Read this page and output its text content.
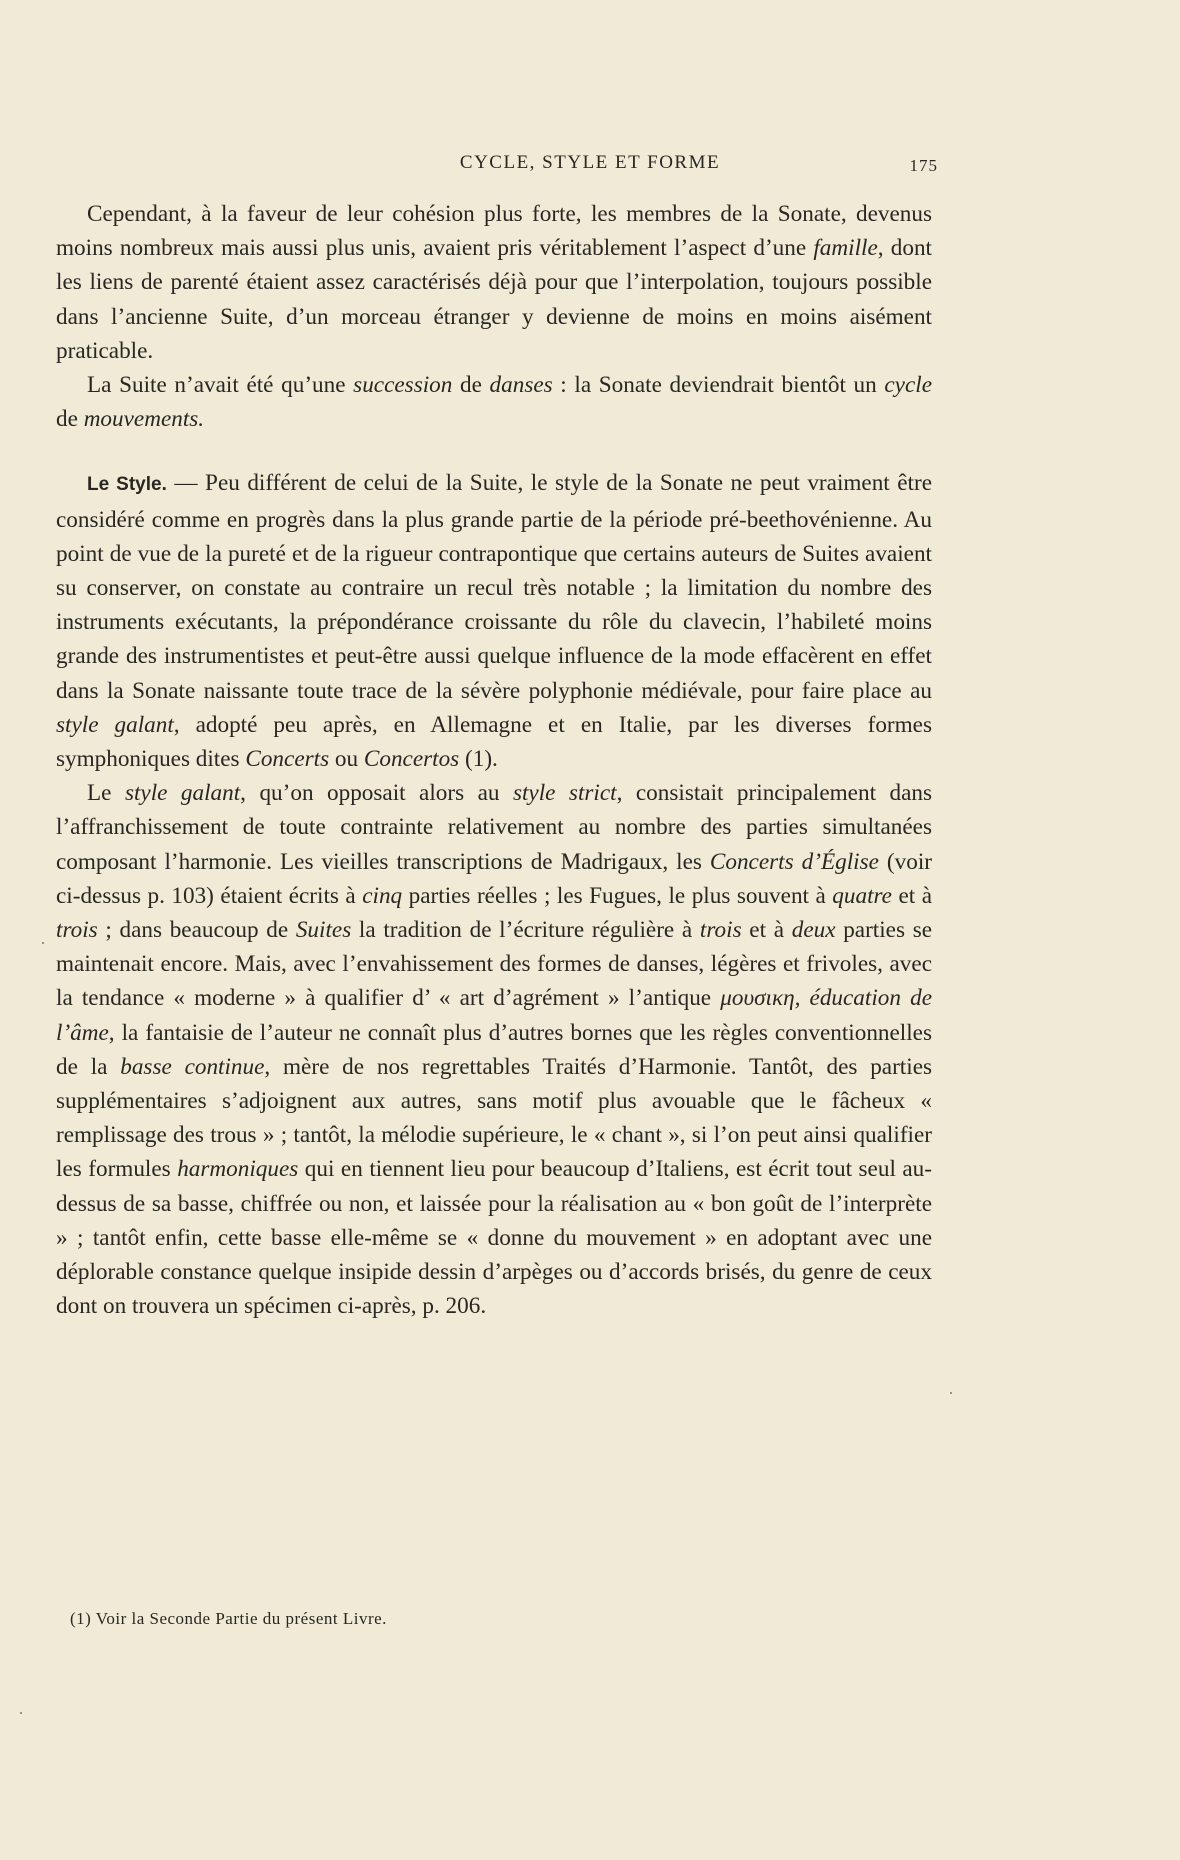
CYCLE, STYLE ET FORME	175

Cependant, à la faveur de leur cohésion plus forte, les membres de la Sonate, devenus moins nombreux mais aussi plus unis, avaient pris véritablement l’aspect d’une famille, dont les liens de parenté étaient assez caractérisés déjà pour que l’interpolation, toujours possible dans l’ancienne Suite, d’un morceau étranger y devienne de moins en moins aisément praticable.

La Suite n’avait été qu’une succession de danses : la Sonate deviendrait bientôt un cycle de mouvements.

Le Style. — Peu différent de celui de la Suite, le style de la Sonate ne peut vraiment être considéré comme en progrès dans la plus grande partie de la période pré-beethovénienne. Au point de vue de la pureté et de la rigueur contrapontique que certains auteurs de Suites avaient su conserver, on constate au contraire un recul très notable ; la limitation du nombre des instruments exécutants, la prépondérance croissante du rôle du clavecin, l’habileté moins grande des instrumentistes et peut-être aussi quelque influence de la mode effacèrent en effet dans la Sonate naissante toute trace de la sévère polyphonie médiévale, pour faire place au style galant, adopté peu après, en Allemagne et en Italie, par les diverses formes symphoniques dites Concerts ou Concertos (1).

Le style galant, qu’on opposait alors au style strict, consistait principalement dans l’affranchissement de toute contrainte relativement au nombre des parties simultanées composant l’harmonie. Les vieilles transcriptions de Madrigaux, les Concerts d’Église (voir ci-dessus p. 103) étaient écrits à cinq parties réelles ; les Fugues, le plus souvent à quatre et à trois ; dans beaucoup de Suites la tradition de l’écriture régulière à trois et à deux parties se maintenait encore. Mais, avec l’envahissement des formes de danses, légères et frivoles, avec la tendance « moderne » à qualifier d’ « art d’agrément » l’antique μουσικη, éducation de l’âme, la fantaisie de l’auteur ne connaît plus d’autres bornes que les règles conventionnelles de la basse continue, mère de nos regrettables Traités d’Harmonie. Tantôt, des parties supplémentaires s’adjoignent aux autres, sans motif plus avouable que le fâcheux « remplissage des trous » ; tantôt, la mélodie supérieure, le « chant », si l’on peut ainsi qualifier les formules harmoniques qui en tiennent lieu pour beaucoup d’Italiens, est écrit tout seul au-dessus de sa basse, chiffrée ou non, et laissée pour la réalisation au « bon goût de l’interprète » ; tantôt enfin, cette basse elle-même se « donne du mouvement » en adoptant avec une déplorable constance quelque insipide dessin d’arpèges ou d’accords brisés, du genre de ceux dont on trouvera un spécimen ci-après, p. 206.

(1) Voir la Seconde Partie du présent Livre.
